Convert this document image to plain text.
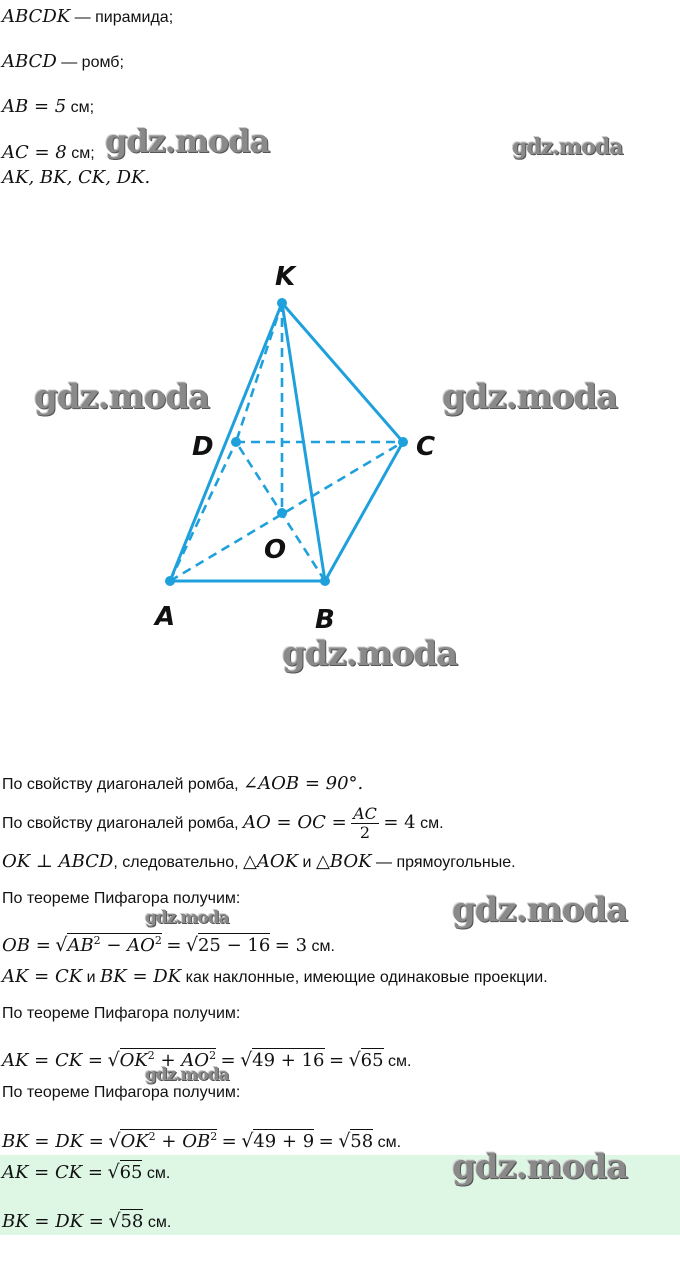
ABCDK — пирамида;
ABCD — ромб;
AB = 5 см;
AC = 8 см;
AK, BK, CK, DK.
K
D	C
O
A	B
По свойству диагоналей ромба, ∠AOB = 90°.
По свойству диагоналей ромба, AO = OC = $\frac{AC}{2} = 4$ см.
OK ⊥ ABCD, следовательно, △AOK и △BOK — прямоугольные.
По теореме Пифагора получим:
OB = $√AB^2 - AO^2 = √25 - 16 = 3$ см.
AK = CK и BK = DK как наклонные, имеющие одинаковые проекции.
По теореме Пифагора получим:
AK = CK = $√OK^2 + AO^2 = √49 + 16 = √65$ см.
По теореме Пифагора получим:
BK = DK = $√OK^2 + OB^2 = √49 + 9 = √58$ см.
AK = CK = √65 см.
BK = DK = √58 см.
gdz.moda	gdz.moda
gdz.moda	gdz.moda
gdz.moda
gdz.moda
gdz.moda
gdz.moda
gdz.moda
